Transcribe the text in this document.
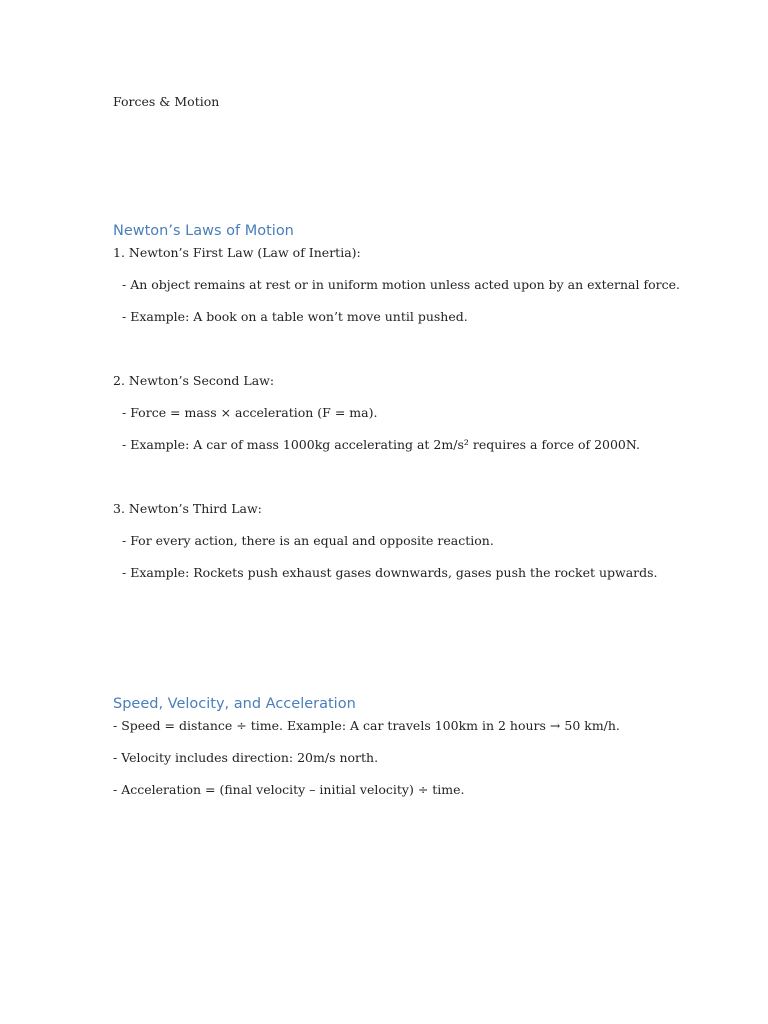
Forces & Motion
Newton’s Laws of Motion
1. Newton’s First Law (Law of Inertia):
- An object remains at rest or in uniform motion unless acted upon by an external force.
- Example: A book on a table won’t move until pushed.
2. Newton’s Second Law:
- Force = mass × acceleration (F = ma).
- Example: A car of mass 1000kg accelerating at 2m/s² requires a force of 2000N.
3. Newton’s Third Law:
- For every action, there is an equal and opposite reaction.
- Example: Rockets push exhaust gases downwards, gases push the rocket upwards.
Speed, Velocity, and Acceleration
- Speed = distance ÷ time. Example: A car travels 100km in 2 hours → 50 km/h.
- Velocity includes direction: 20m/s north.
- Acceleration = (final velocity – initial velocity) ÷ time.
